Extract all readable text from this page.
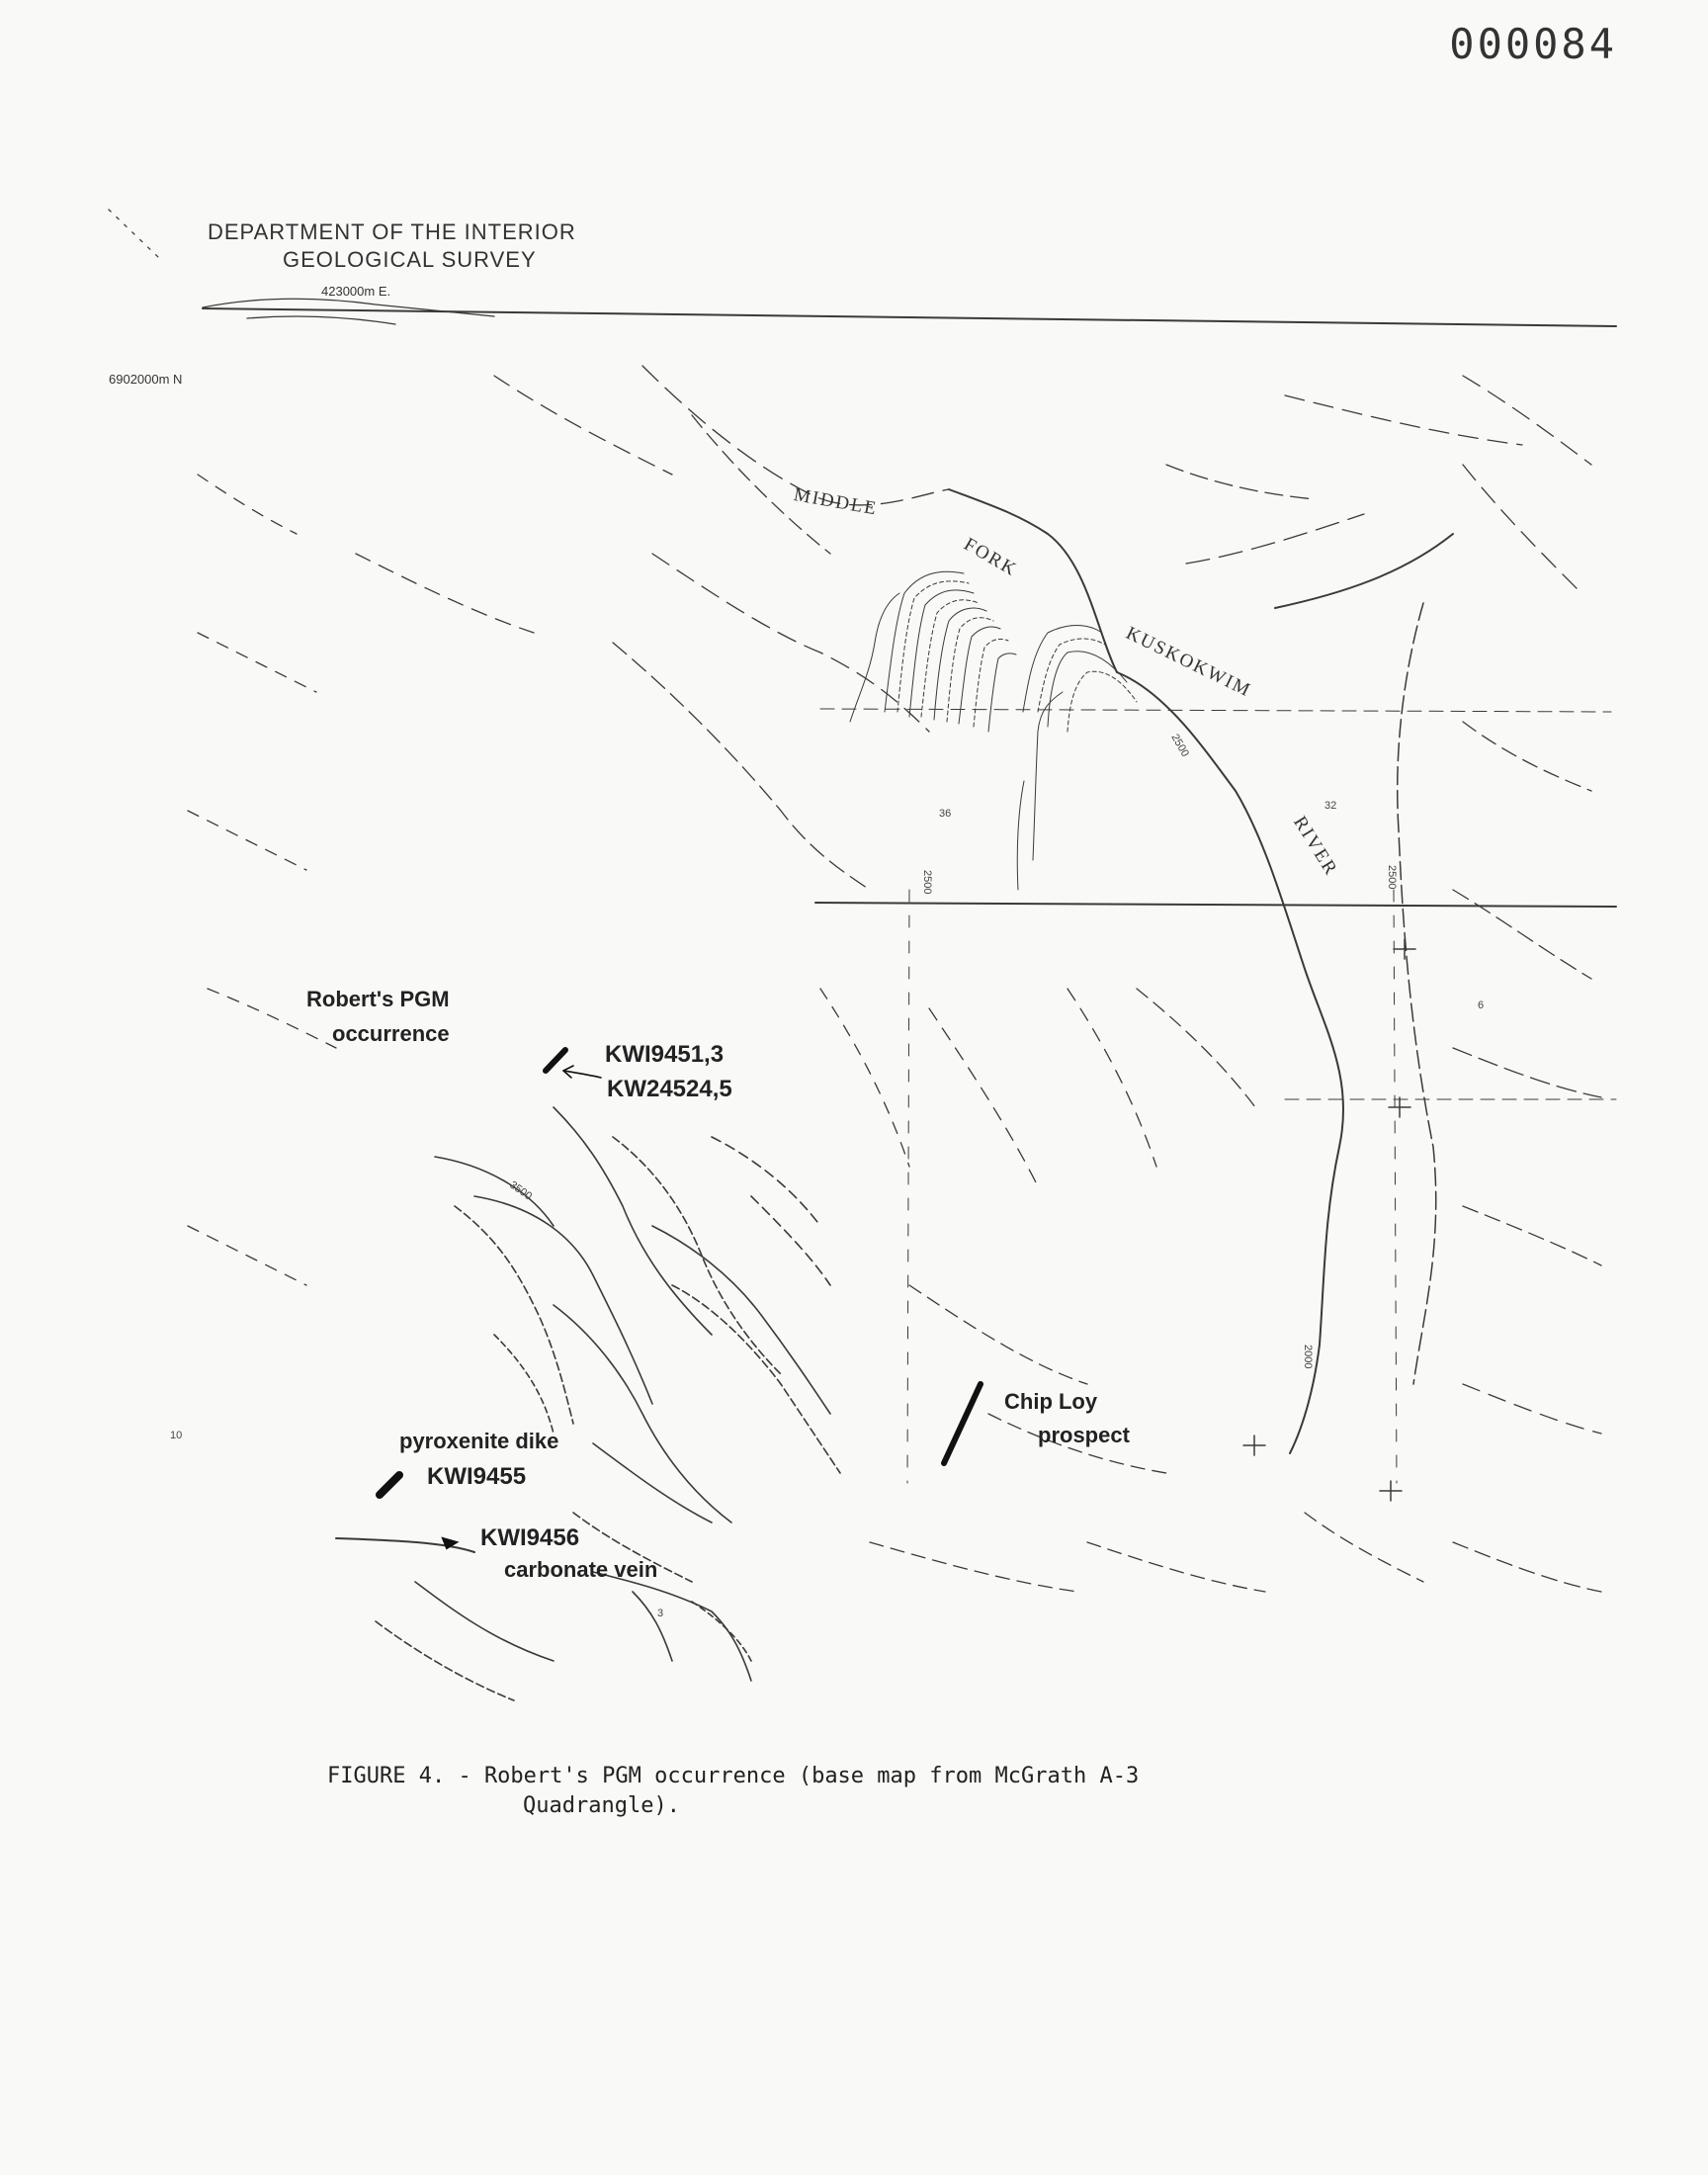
000084
DEPARTMENT OF THE INTERIOR
GEOLOGICAL SURVEY
423000m E.
6902000m N
2500
2500
2500
3500
2000
36
32
6
3
10
MIDDLE
FORK
KUSKOKWIM
RIVER
Robert's PGM
occurrence
KWI9451,3
KW24524,5
Chip Loy
prospect
pyroxenite dike
KWI9455
KWI9456
carbonate vein
FIGURE 4. - Robert's PGM occurrence (base map from McGrath A-3
Quadrangle).
